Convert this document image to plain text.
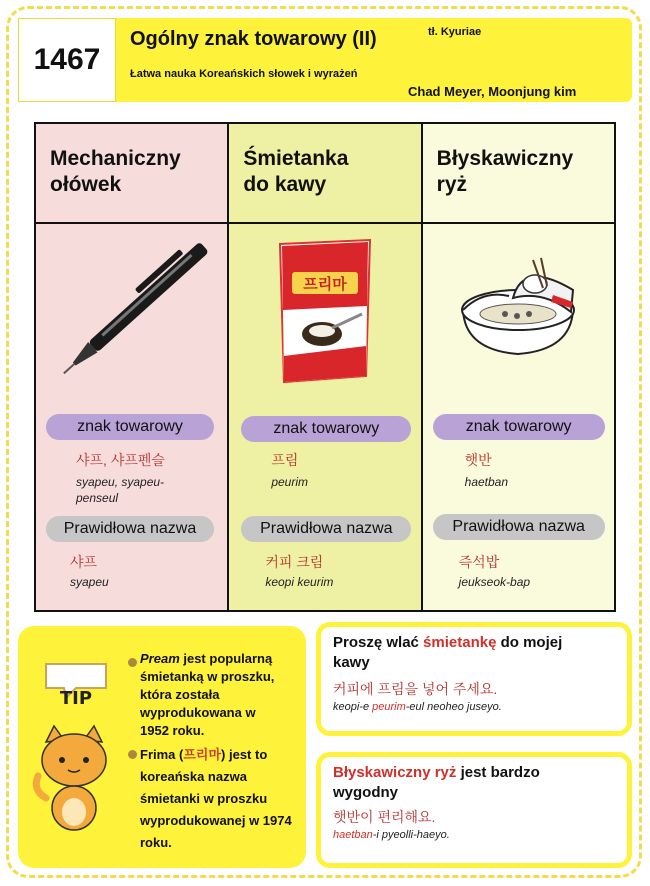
1467
Ogólny znak towarowy (II)	tł. Kyuriae
Łatwa nauka Koreańskich słowek i wyrażeń
Chad Meyer, Moonjung kim
Mechaniczny
ołówek
znak towarowy
샤프, 샤프펜슬
syapeu, syapeu-
penseul
Prawidłowa nazwa
샤프
syapeu
Śmietanka
do kawy
프리마
znak towarowy
프림
peurim
Prawidłowa nazwa
커피 크림
keopi keurim
Błyskawiczny
ryż
znak towarowy
햇반
haetban
Prawidłowa nazwa
즉석밥
jeukseok-bap
TIP
Pream jest popularną
śmietanką w proszku,
która została
wyprodukowana w
1952 roku.
Frima (프리마) jest to
koreańska nazwa
śmietanki w proszku
wyprodukowanej w 1974
roku.
Proszę wlać śmietankę do mojej
kawy
커피에 프림을 넣어 주세요.
keopi-e peurim-eul neoheo juseyo.
Błyskawiczny ryż jest bardzo
wygodny
햇반이 편리해요.
haetban-i pyeolli-haeyo.
